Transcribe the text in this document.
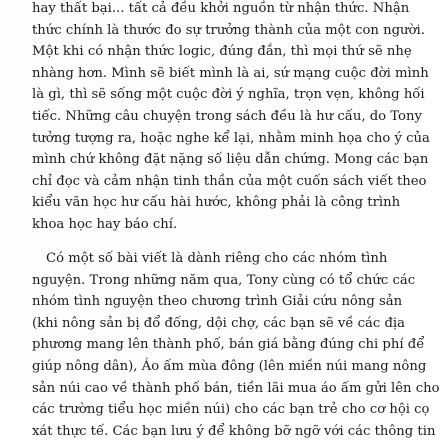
hay thất bại... tất cả đều khởi nguồn từ nhận thức. Nhận
thức chính là thước đo sự trưởng thành của một con người.
Một khi có nhận thức logic, đúng đắn, thì mọi thứ sẽ nhẹ
nhàng hơn. Mình sẽ biết mình là ai, sứ mạng cuộc đời mình
là gì, thì sẽ sống một cuộc đời ý nghĩa, trọn vẹn, không hối
tiếc. Những câu chuyện trong sách đều là hư cấu, do Tony
tưởng tượng ra, hoặc nghe kể lại, nhằm minh họa cho ý của
mình chứ không đặt nặng số liệu dẫn chứng. Mong các bạn
chỉ đọc và cảm nhận tinh thần của một cuốn sách viết theo
kiểu văn học hư cấu hài hước, không phải là công trình
khoa học hay báo chí.
Có một số bài viết là dành riêng cho các nhóm tình
nguyện. Trong những năm qua, Tony cùng có tổ chức các
nhóm tình nguyện theo chương trình Giải cứu nông sản
(khi nông sản bị đổ đống, dội chợ, các bạn sẽ về các địa
phương mang lên thành phố, bán giá bằng đúng chi phí để
giúp nông dân), Áo ấm mùa đông (lên miền núi mang nông
sản núi cao về thành phố bán, tiền lãi mua áo ấm gửi lên cho
các trường tiểu học miền núi) cho các bạn trẻ cho cơ hội cọ
xát thực tế. Các bạn lưu ý để không bỡ ngỡ với các thông tin
